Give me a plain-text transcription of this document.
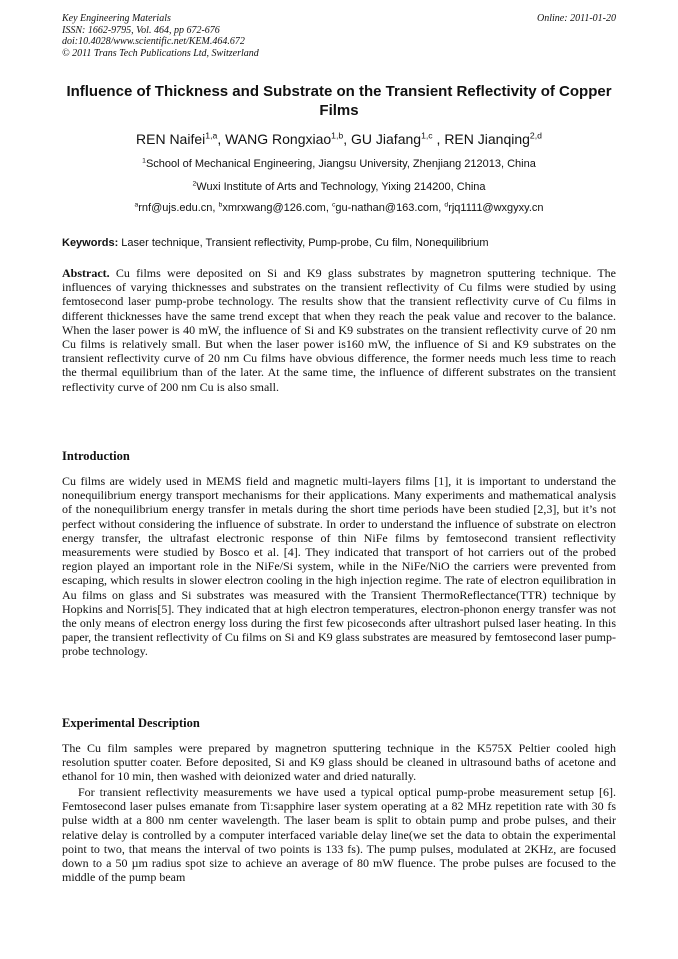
Key Engineering Materials
ISSN: 1662-9795, Vol. 464, pp 672-676
doi:10.4028/www.scientific.net/KEM.464.672
© 2011 Trans Tech Publications Ltd, Switzerland
Online: 2011-01-20
Influence of Thickness and Substrate on the Transient Reflectivity of Copper Films
REN Naifei$^{1,a}$, WANG Rongxiao$^{1,b}$, GU Jiafang$^{1,c}$ , REN Jianqing$^{2,d}$
$^1$School of Mechanical Engineering, Jiangsu University, Zhenjiang 212013, China
$^2$Wuxi Institute of Arts and Technology, Yixing 214200, China
$^a$rnf@ujs.edu.cn, $^b$xmrxwang@126.com, $^c$gu-nathan@163.com, $^d$rjq1111@wxgyxy.cn
Keywords: Laser technique, Transient reflectivity, Pump-probe, Cu film, Nonequilibrium
Abstract. Cu films were deposited on Si and K9 glass substrates by magnetron sputtering technique. The influences of varying thicknesses and substrates on the transient reflectivity of Cu films were studied by using femtosecond laser pump-probe technology. The results show that the transient reflectivity curve of Cu films in different thicknesses have the same trend except that when they reach the peak value and recover to the balance. When the laser power is 40 mW, the influence of Si and K9 substrates on the transient reflectivity curve of 20 nm Cu films is relatively small. But when the laser power is160 mW, the influence of Si and K9 substrates on the transient reflectivity curve of 20 nm Cu films have obvious difference, the former needs much less time to reach the thermal equilibrium than of the later. At the same time, the influence of different substrates on the transient reflectivity curve of 200 nm Cu is also small.
Introduction
Cu films are widely used in MEMS field and magnetic multi-layers films [1], it is important to understand the nonequilibrium energy transport mechanisms for their applications. Many experiments and mathematical analysis of the nonequilibrium energy transfer in metals during the short time periods have been studied [2,3], but it’s not perfect without considering the influence of substrate. In order to understand the influence of substrate on electron energy transfer, the ultrafast electronic response of thin NiFe films by femtosecond transient reflectivity measurements were studied by Bosco et al. [4]. They indicated that transport of hot carriers out of the probed region played an important role in the NiFe/Si system, while in the NiFe/NiO the carriers were prevented from escaping, which results in slower electron cooling in the high injection regime. The rate of electron equilibration in Au films on glass and Si substrates was measured with the Transient ThermoReflectance(TTR) technique by Hopkins and Norris[5]. They indicated that at high electron temperatures, electron-phonon energy transfer was not the only means of electron energy loss during the first few picoseconds after ultrashort pulsed laser heating. In this paper, the transient reflectivity of Cu films on Si and K9 glass substrates are measured by femtosecond laser pump-probe technology.
Experimental Description
The Cu film samples were prepared by magnetron sputtering technique in the K575X Peltier cooled high resolution sputter coater. Before deposited, Si and K9 glass should be cleaned in ultrasound baths of acetone and ethanol for 10 min, then washed with deionized water and dried naturally.
For transient reflectivity measurements we have used a typical optical pump-probe measurement setup [6]. Femtosecond laser pulses emanate from Ti:sapphire laser system operating at a 82 MHz repetition rate with 30 fs pulse width at a 800 nm center wavelength. The laser beam is split to obtain pump and probe pulses, and their relative delay is controlled by a computer interfaced variable delay line(we set the data to obtain the experimental point to two, that means the interval of two points is 133 fs). The pump pulses, modulated at 2KHz, are focused down to a 50 µm radius spot size to achieve an average of 80 mW fluence. The probe pulses are focused to the middle of the pump beam
